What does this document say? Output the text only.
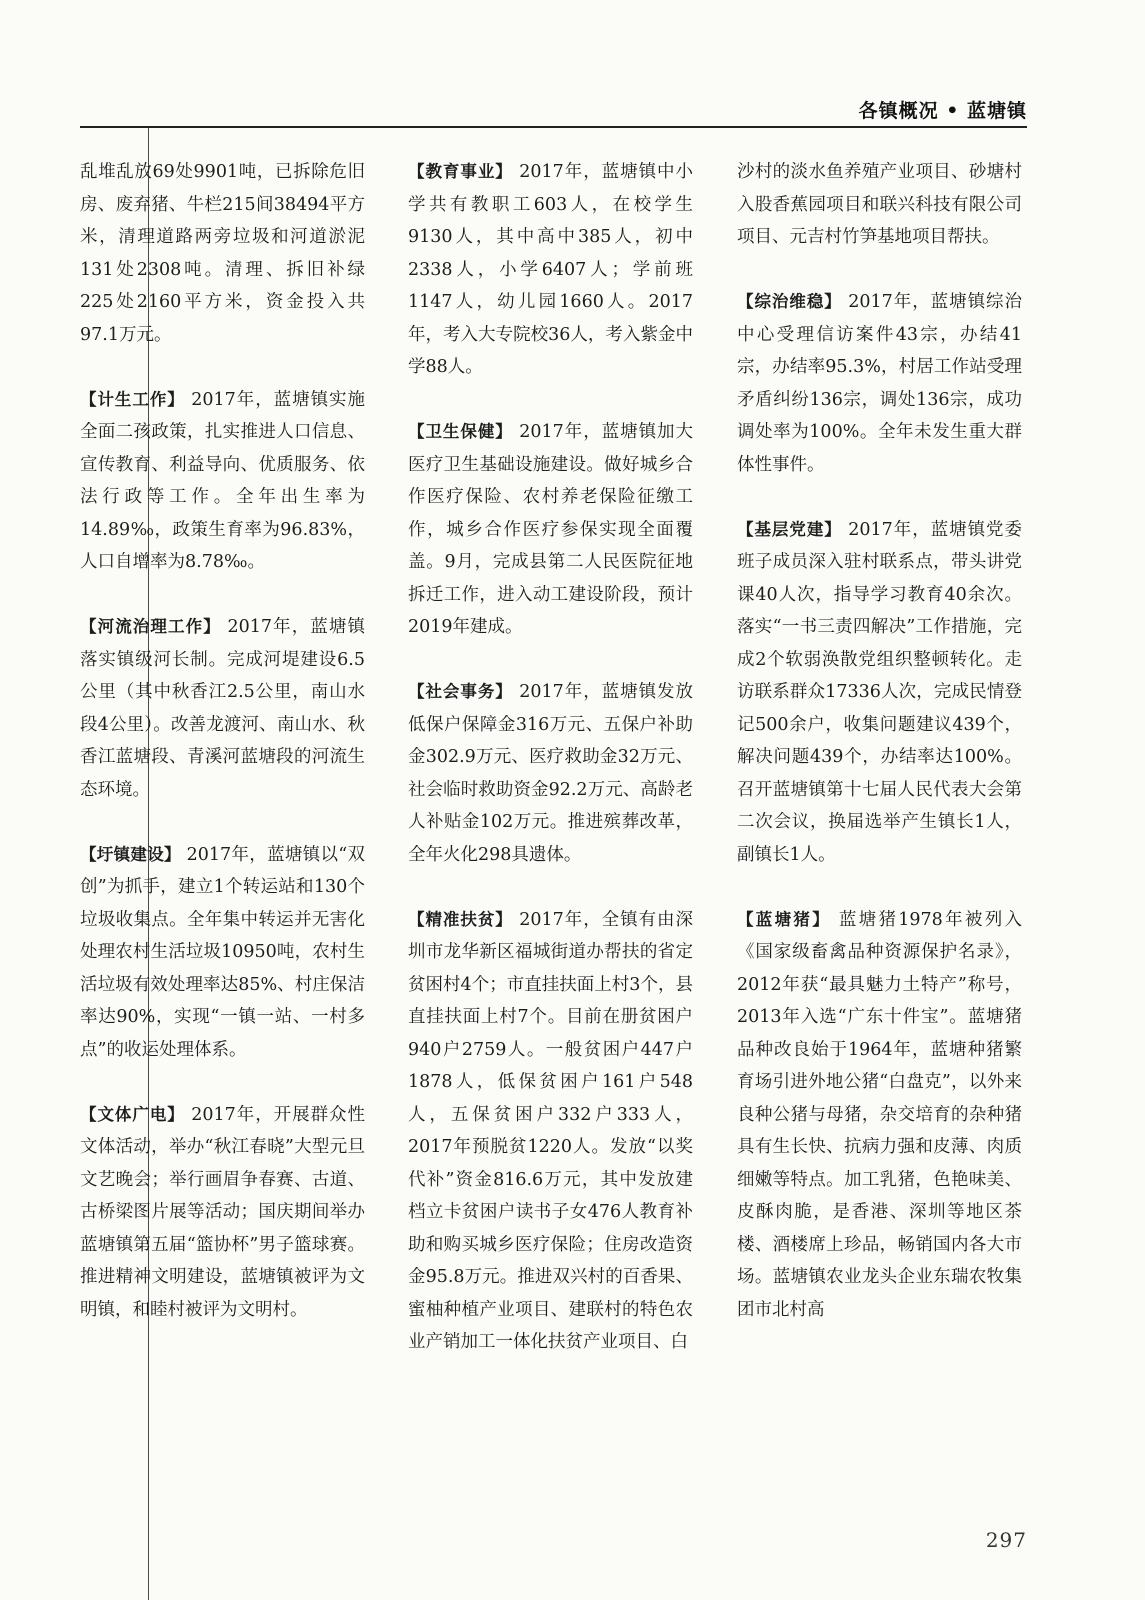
各镇概况 • 蓝塘镇

乱堆乱放69处9901吨，已拆除危旧房、废弃猪、牛栏215间38494平方米，清理道路两旁垃圾和河道淤泥131处2308吨。清理、拆旧补绿225处2160平方米，资金投入共97.1万元。

【计生工作】 2017年，蓝塘镇实施全面二孩政策，扎实推进人口信息、宣传教育、利益导向、优质服务、依法行政等工作。全年出生率为14.89‰，政策生育率为96.83%，人口自增率为8.78‰。

【河流治理工作】 2017年，蓝塘镇落实镇级河长制。完成河堤建设6.5公里（其中秋香江2.5公里，南山水段4公里）。改善龙渡河、南山水、秋香江蓝塘段、青溪河蓝塘段的河流生态环境。

【圩镇建设】 2017年，蓝塘镇以“双创”为抓手，建立1个转运站和130个垃圾收集点。全年集中转运并无害化处理农村生活垃圾10950吨，农村生活垃圾有效处理率达85%、村庄保洁率达90%，实现“一镇一站、一村多点”的收运处理体系。

【文体广电】 2017年，开展群众性文体活动，举办“秋江春晓”大型元旦文艺晚会；举行画眉争春赛、古道、古桥梁图片展等活动；国庆期间举办蓝塘镇第五届“篮协杯”男子篮球赛。推进精神文明建设，蓝塘镇被评为文明镇，和睦村被评为文明村。

【教育事业】 2017年，蓝塘镇中小学共有教职工603人，在校学生9130人，其中高中385人，初中2338人，小学6407人；学前班1147人，幼儿园1660人。2017年，考入大专院校36人，考入紫金中学88人。

【卫生保健】 2017年，蓝塘镇加大医疗卫生基础设施建设。做好城乡合作医疗保险、农村养老保险征缴工作，城乡合作医疗参保实现全面覆盖。9月，完成县第二人民医院征地拆迁工作，进入动工建设阶段，预计2019年建成。

【社会事务】 2017年，蓝塘镇发放低保户保障金316万元、五保户补助金302.9万元、医疗救助金32万元、社会临时救助资金92.2万元、高龄老人补贴金102万元。推进殡葬改革，全年火化298具遗体。

【精准扶贫】 2017年，全镇有由深圳市龙华新区福城街道办帮扶的省定贫困村4个；市直挂扶面上村3个，县直挂扶面上村7个。目前在册贫困户940户2759人。一般贫困户447户1878人，低保贫困户161户548人，五保贫困户332户333人，2017年预脱贫1220人。发放“以奖代补”资金816.6万元，其中发放建档立卡贫困户读书子女476人教育补助和购买城乡医疗保险；住房改造资金95.8万元。推进双兴村的百香果、蜜柚种植产业项目、建联村的特色农业产销加工一体化扶贫产业项目、白

沙村的淡水鱼养殖产业项目、砂塘村入股香蕉园项目和联兴科技有限公司项目、元吉村竹笋基地项目帮扶。

【综治维稳】 2017年，蓝塘镇综治中心受理信访案件43宗，办结41宗，办结率95.3%，村居工作站受理矛盾纠纷136宗，调处136宗，成功调处率为100%。全年未发生重大群体性事件。

【基层党建】 2017年，蓝塘镇党委班子成员深入驻村联系点，带头讲党课40人次，指导学习教育40余次。落实“一书三责四解决”工作措施，完成2个软弱涣散党组织整顿转化。走访联系群众17336人次，完成民情登记500余户，收集问题建议439个，解决问题439个，办结率达100%。召开蓝塘镇第十七届人民代表大会第二次会议，换届选举产生镇长1人，副镇长1人。

【蓝塘猪】 蓝塘猪1978年被列入《国家级畜禽品种资源保护名录》，2012年获“最具魅力土特产”称号，2013年入选“广东十件宝”。蓝塘猪品种改良始于1964年，蓝塘种猪繁育场引进外地公猪“白盘克”，以外来良种公猪与母猪，杂交培育的杂种猪具有生长快、抗病力强和皮薄、肉质细嫩等特点。加工乳猪，色艳味美、皮酥肉脆，是香港、深圳等地区茶楼、酒楼席上珍品，畅销国内各大市场。蓝塘镇农业龙头企业东瑞农牧集团市北村高

297
